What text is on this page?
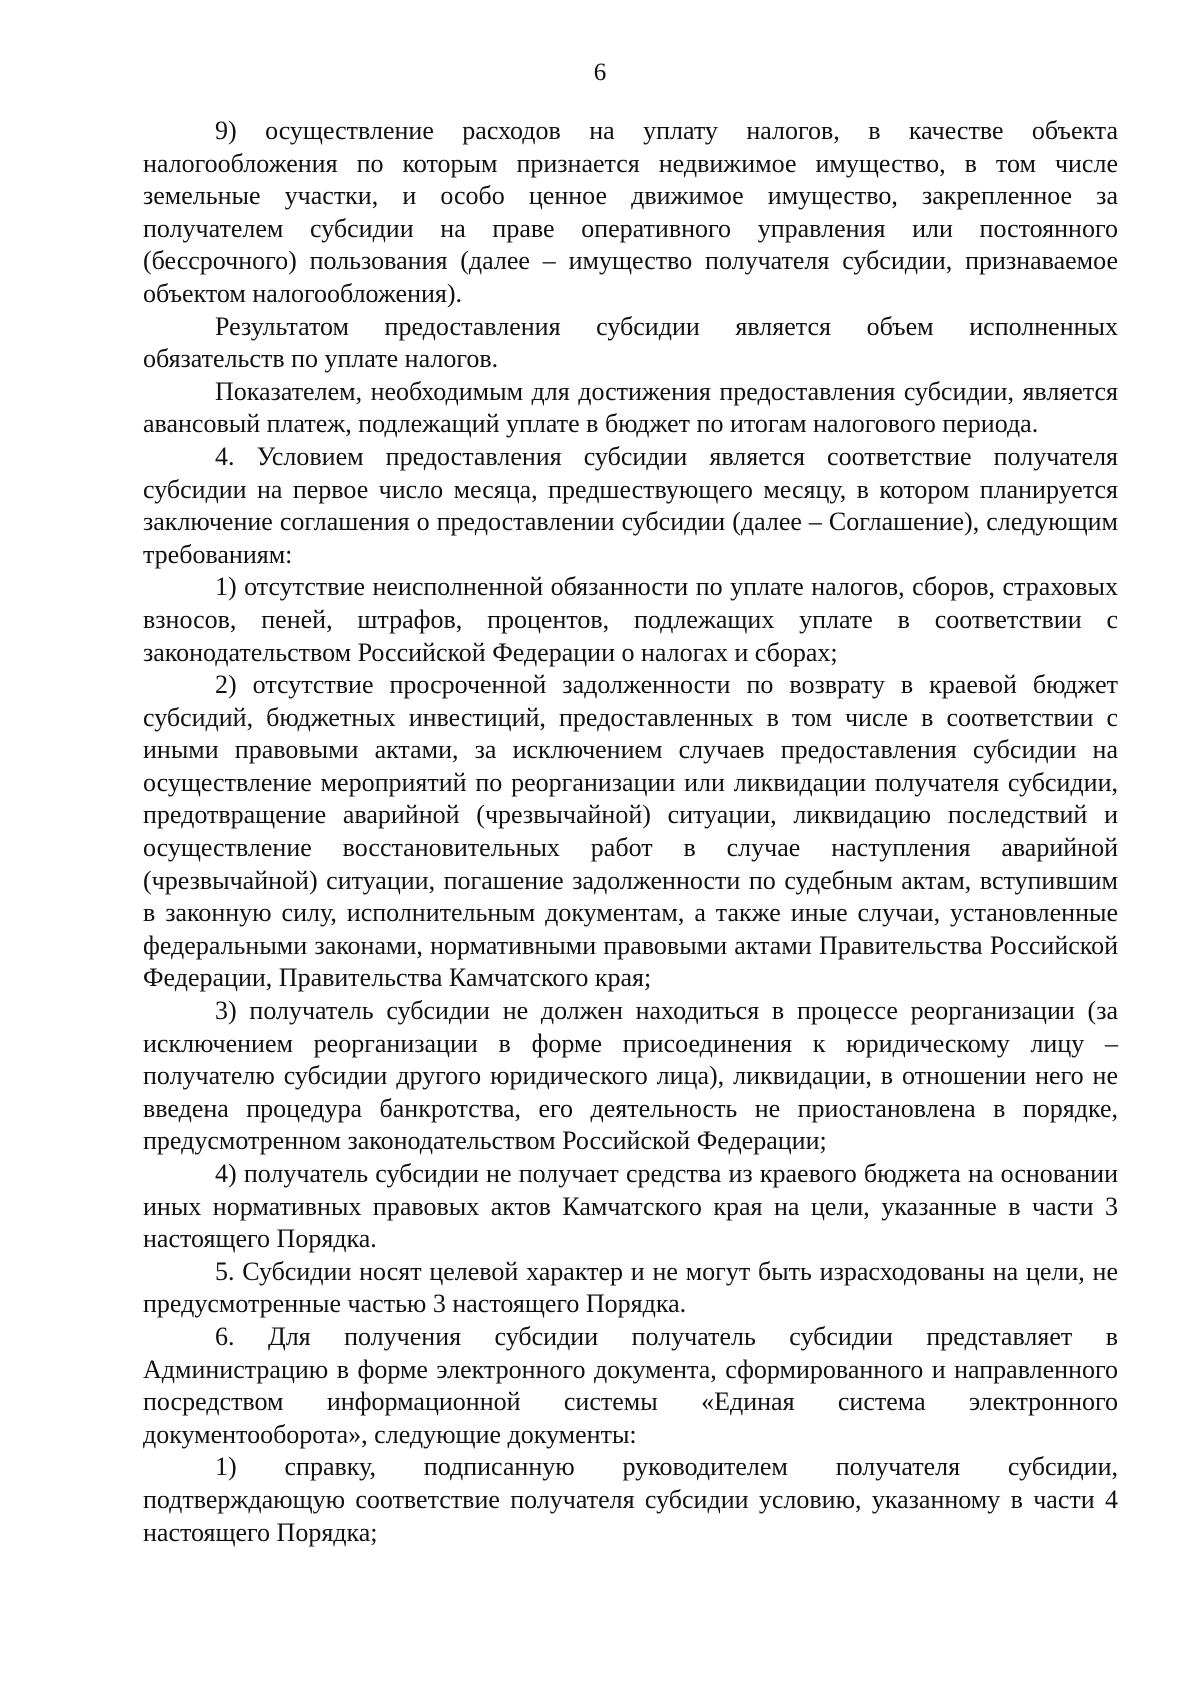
6

9) осуществление расходов на уплату налогов, в качестве объекта налогообложения по которым признается недвижимое имущество, в том числе земельные участки, и особо ценное движимое имущество, закрепленное за получателем субсидии на праве оперативного управления или постоянного (бессрочного) пользования (далее – имущество получателя субсидии, признаваемое объектом налогообложения).

Результатом предоставления субсидии является объем исполненных обязательств по уплате налогов.

Показателем, необходимым для достижения предоставления субсидии, является авансовый платеж, подлежащий уплате в бюджет по итогам налогового периода.

4. Условием предоставления субсидии является соответствие получателя субсидии на первое число месяца, предшествующего месяцу, в котором планируется заключение соглашения о предоставлении субсидии (далее – Соглашение), следующим требованиям:

1) отсутствие неисполненной обязанности по уплате налогов, сборов, страховых взносов, пеней, штрафов, процентов, подлежащих уплате в соответствии с законодательством Российской Федерации о налогах и сборах;

2) отсутствие просроченной задолженности по возврату в краевой бюджет субсидий, бюджетных инвестиций, предоставленных в том числе в соответствии с иными правовыми актами, за исключением случаев предоставления субсидии на осуществление мероприятий по реорганизации или ликвидации получателя субсидии, предотвращение аварийной (чрезвычайной) ситуации, ликвидацию последствий и осуществление восстановительных работ в случае наступления аварийной (чрезвычайной) ситуации, погашение задолженности по судебным актам, вступившим в законную силу, исполнительным документам, а также иные случаи, установленные федеральными законами, нормативными правовыми актами Правительства Российской Федерации, Правительства Камчатского края;

3) получатель субсидии не должен находиться в процессе реорганизации (за исключением реорганизации в форме присоединения к юридическому лицу – получателю субсидии другого юридического лица), ликвидации, в отношении него не введена процедура банкротства, его деятельность не приостановлена в порядке, предусмотренном законодательством Российской Федерации;

4) получатель субсидии не получает средства из краевого бюджета на основании иных нормативных правовых актов Камчатского края на цели, указанные в части 3 настоящего Порядка.

5. Субсидии носят целевой характер и не могут быть израсходованы на цели, не предусмотренные частью 3 настоящего Порядка.

6. Для получения субсидии получатель субсидии представляет в Администрацию в форме электронного документа, сформированного и направленного посредством информационной системы «Единая система электронного документооборота», следующие документы:

1) справку, подписанную руководителем получателя субсидии, подтверждающую соответствие получателя субсидии условию, указанному в части 4 настоящего Порядка;
